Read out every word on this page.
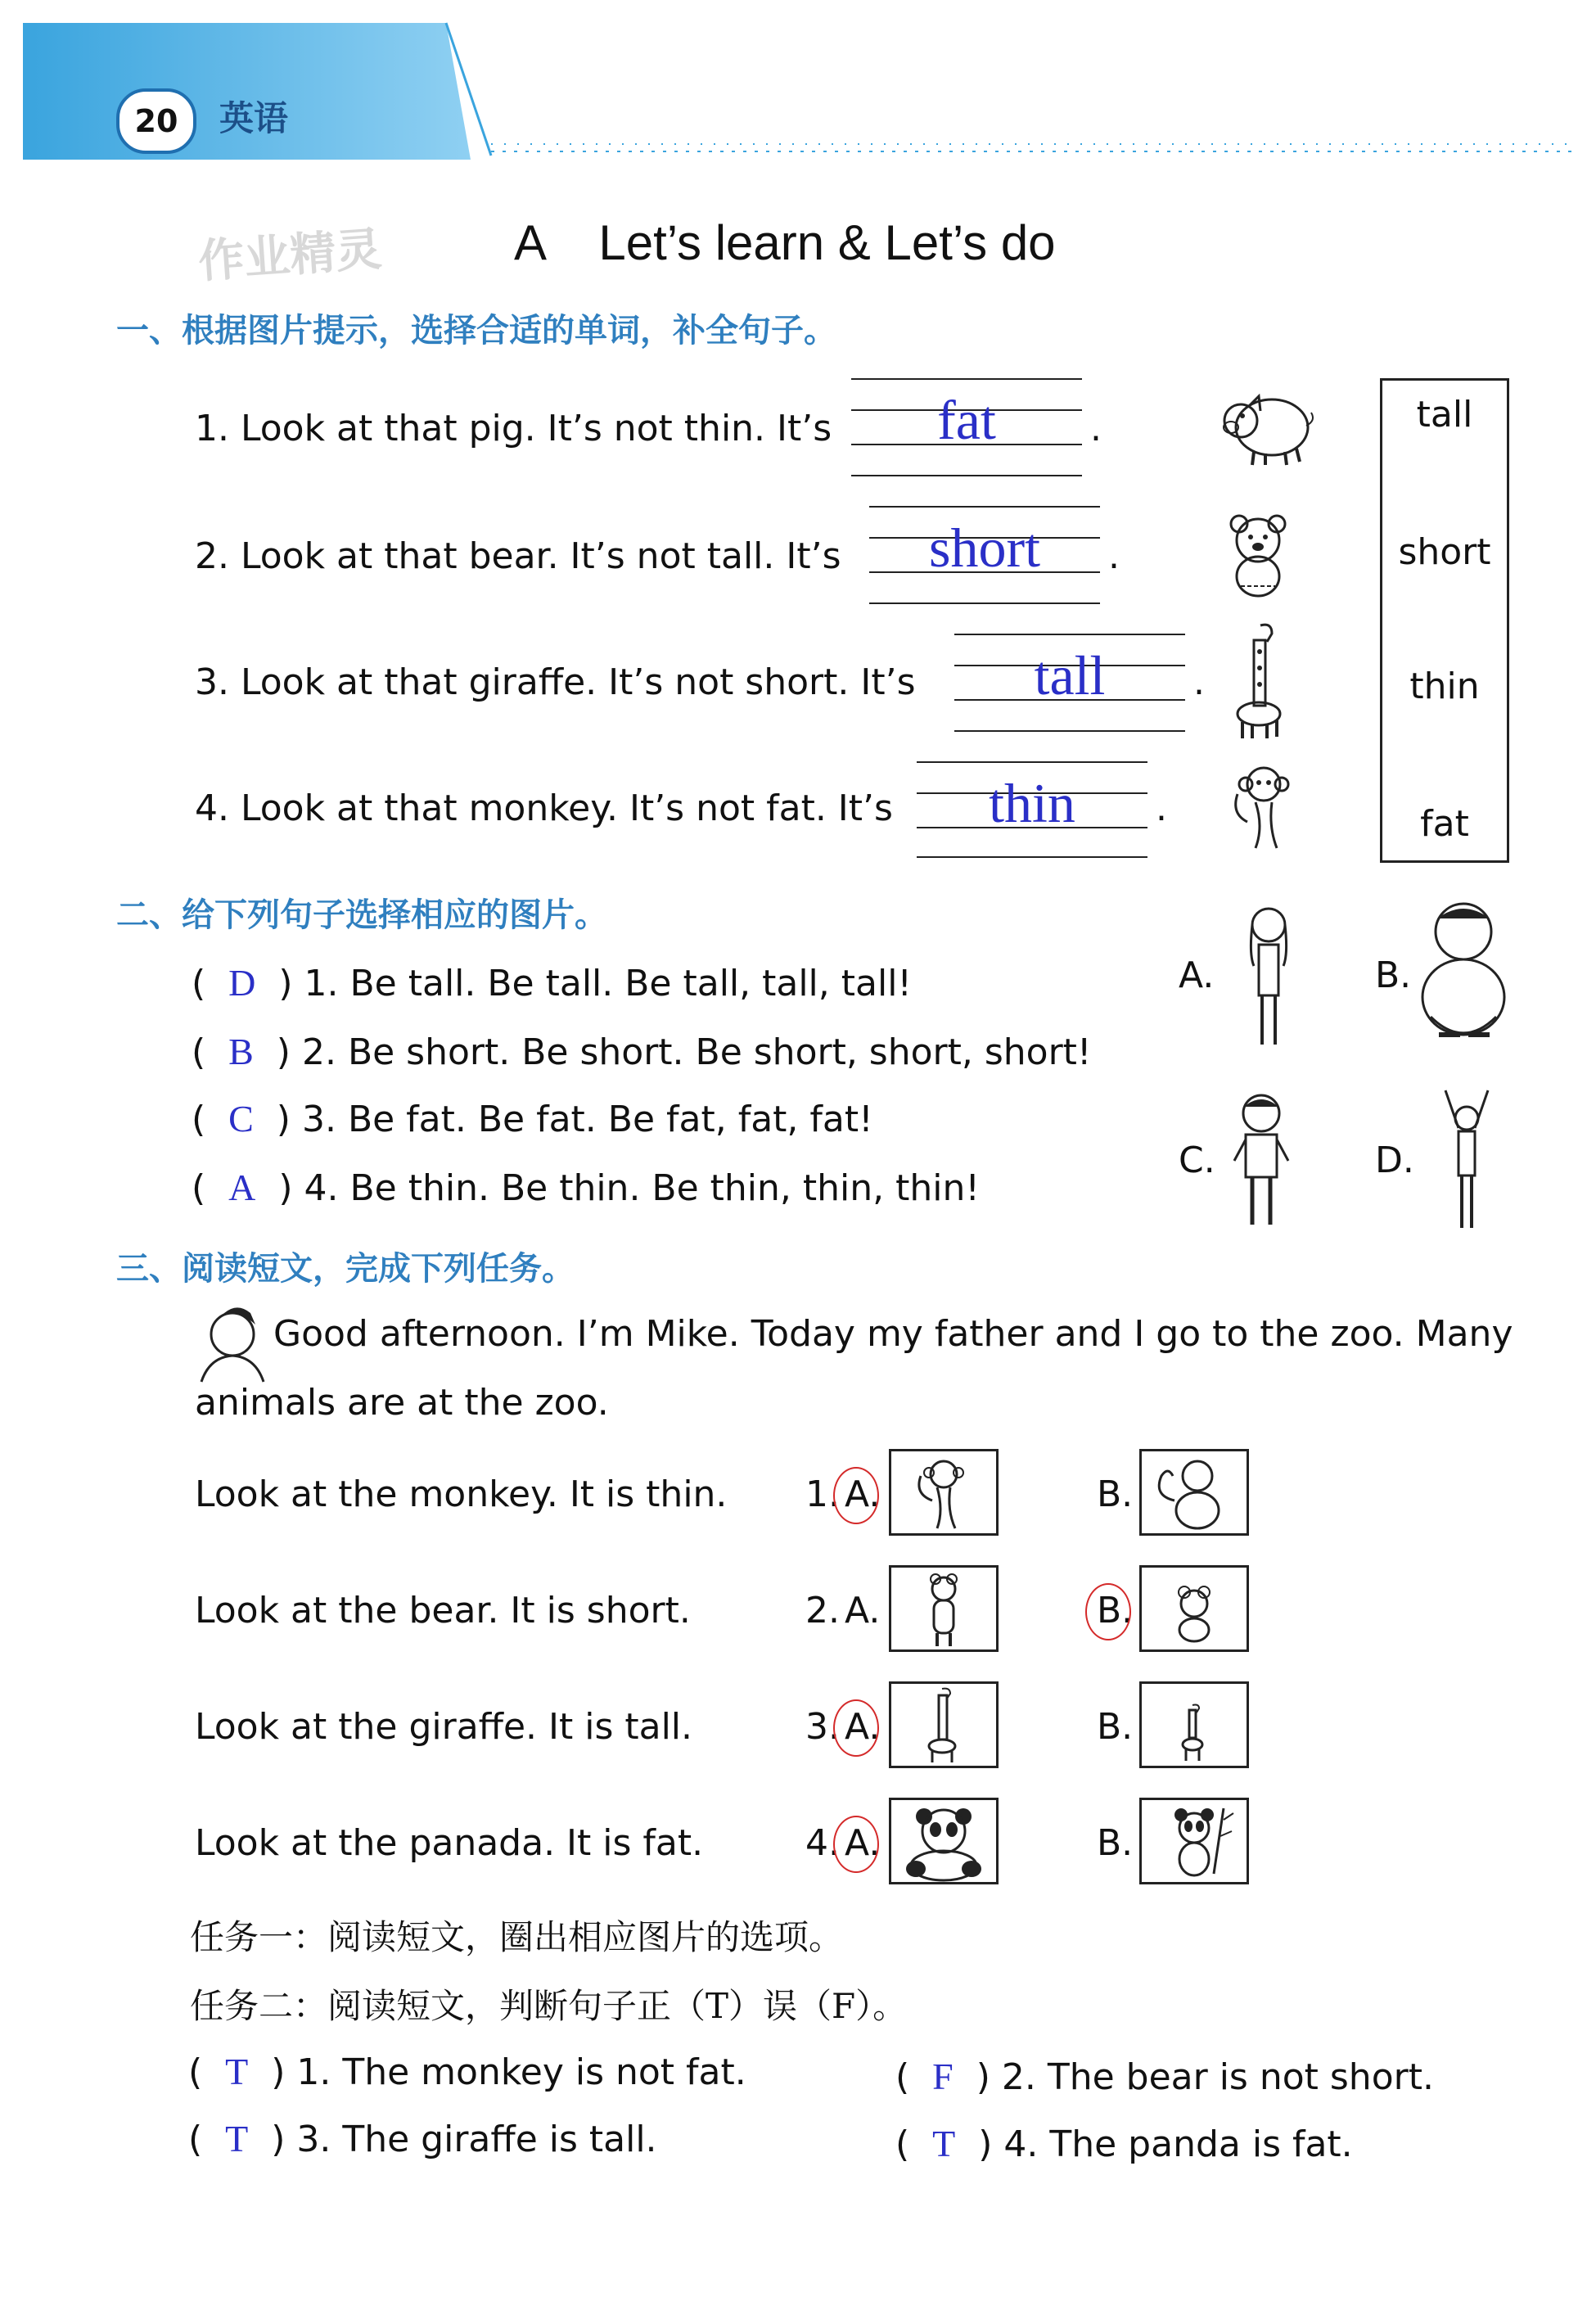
20 英语
作业精灵	A    Let’s learn & Let’s do
一、根据图片提示，选择合适的单词，补全句子。
1. Look at that pig. It’s not thin. It’s	fat	.
2. Look at that bear. It’s not tall. It’s	short	.
3. Look at that giraffe. It’s not short. It’s	tall	.
4. Look at that monkey. It’s not fat. It’s	thin	.
tall
short
thin
fat
二、给下列句子选择相应的图片。
(  D  ) 1. Be tall. Be tall. Be tall, tall, tall!
(  B  ) 2. Be short. Be short. Be short, short, short!
(  C  ) 3. Be fat. Be fat. Be fat, fat, fat!
(  A  ) 4. Be thin. Be thin. Be thin, thin, thin!
A.	B.
C.	D.
三、阅读短文，完成下列任务。
Good afternoon. I’m Mike. Today my father and I go to the zoo. Many
animals are at the zoo.
Look at the monkey. It is thin. 1. A.	B.
Look at the bear. It is short.	2. A.	B.
Look at the giraffe. It is tall.	3. A.	B.
Look at the panada. It is fat.	4. A.	B.
任务一：阅读短文，圈出相应图片的选项。
任务二：阅读短文，判断句子正（T）误（F）。
(  T  ) 1. The monkey is not fat.	(  F  ) 2. The bear is not short.
(  T  ) 3. The giraffe is tall.	(  T  ) 4. The panda is fat.
